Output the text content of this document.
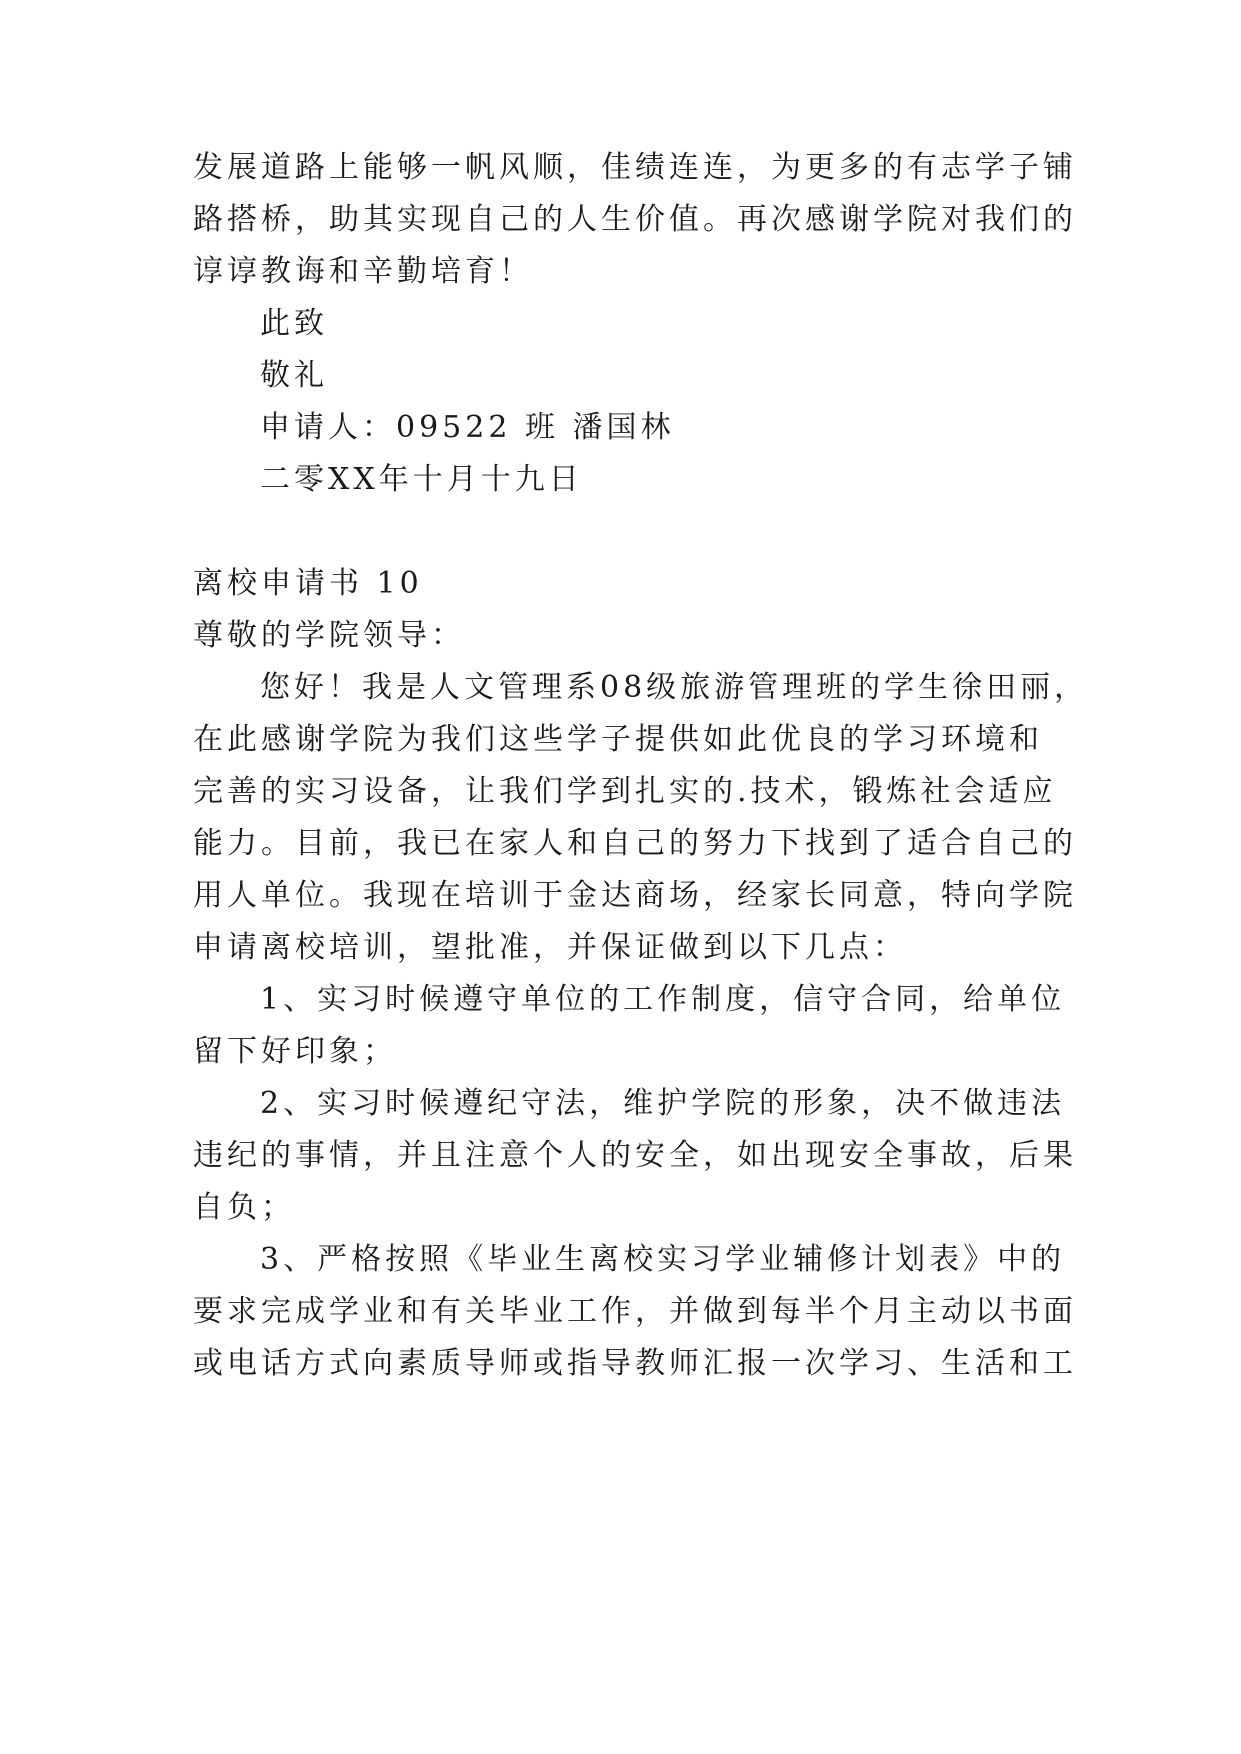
发展道路上能够一帆风顺，佳绩连连，为更多的有志学子铺
路搭桥，助其实现自己的人生价值。再次感谢学院对我们的
谆谆教诲和辛勤培育！
此致
敬礼
申请人：09522 班 潘国林
二零XX年十月十九日
离校申请书 10
尊敬的学院领导：
您好！我是人文管理系08级旅游管理班的学生徐田丽，
在此感谢学院为我们这些学子提供如此优良的学习环境和
完善的实习设备，让我们学到扎实的.技术，锻炼社会适应
能力。目前，我已在家人和自己的努力下找到了适合自己的
用人单位。我现在培训于金达商场，经家长同意，特向学院
申请离校培训，望批准，并保证做到以下几点：
1、实习时候遵守单位的工作制度，信守合同，给单位
留下好印象；
2、实习时候遵纪守法，维护学院的形象，决不做违法
违纪的事情，并且注意个人的安全，如出现安全事故，后果
自负；
3、严格按照《毕业生离校实习学业辅修计划表》中的
要求完成学业和有关毕业工作，并做到每半个月主动以书面
或电话方式向素质导师或指导教师汇报一次学习、生活和工
